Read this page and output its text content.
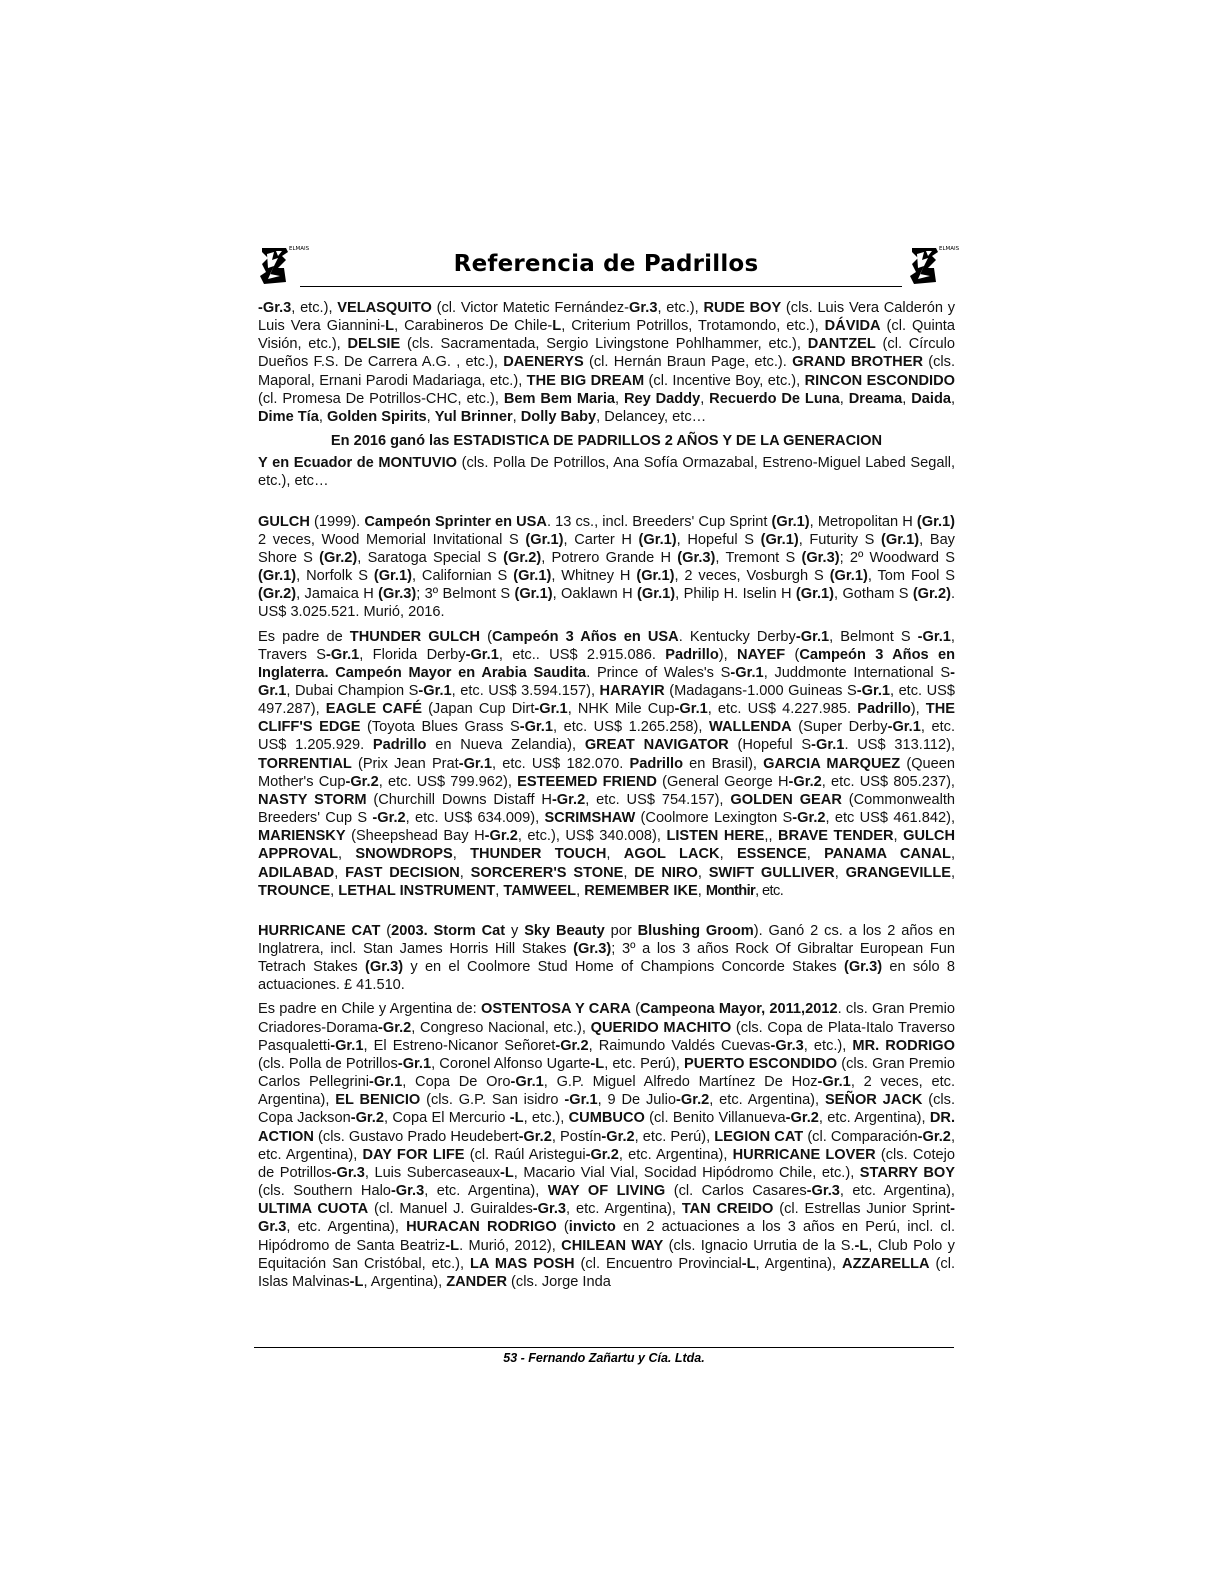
ELMAIS
Referencia de Padrillos
ELMAIS

-Gr.3, etc.), VELASQUITO (cl. Victor Matetic Fernández-Gr.3, etc.), RUDE BOY (cls. Luis Vera Calderón y Luis Vera Giannini-L, Carabineros De Chile-L, Criterium Potrillos, Trotamondo, etc.), DÁVIDA (cl. Quinta Visión, etc.), DELSIE (cls. Sacramentada, Sergio Livingstone Pohlhammer, etc.), DANTZEL (cl. Círculo Dueños F.S. De Carrera A.G. , etc.), DAENERYS (cl. Hernán Braun Page, etc.). GRAND BROTHER (cls. Maporal, Ernani Parodi Madariaga, etc.), THE BIG DREAM (cl. Incentive Boy, etc.), RINCON ESCONDIDO (cl. Promesa De Potrillos-CHC, etc.), Bem Bem Maria, Rey Daddy, Recuerdo De Luna, Dreama, Daida, Dime Tía, Golden Spirits, Yul Brinner, Dolly Baby, Delancey, etc…

En 2016 ganó las ESTADISTICA DE PADRILLOS 2 AÑOS Y DE LA GENERACION

Y en Ecuador de MONTUVIO (cls. Polla De Potrillos, Ana Sofía Ormazabal, Estreno-Miguel Labed Segall, etc.), etc…

GULCH (1999). Campeón Sprinter en USA. 13 cs., incl. Breeders' Cup Sprint (Gr.1), Metropolitan H (Gr.1) 2 veces, Wood Memorial Invitational S (Gr.1), Carter H (Gr.1), Hopeful S (Gr.1), Futurity S (Gr.1), Bay Shore S (Gr.2), Saratoga Special S (Gr.2), Potrero Grande H (Gr.3), Tremont S (Gr.3); 2º Woodward S (Gr.1), Norfolk S (Gr.1), Californian S (Gr.1), Whitney H (Gr.1), 2 veces, Vosburgh S (Gr.1), Tom Fool S (Gr.2), Jamaica H (Gr.3); 3º Belmont S (Gr.1), Oaklawn H (Gr.1), Philip H. Iselin H (Gr.1), Gotham S (Gr.2). US$ 3.025.521. Murió, 2016.

Es padre de THUNDER GULCH (Campeón 3 Años en USA. Kentucky Derby-Gr.1, Belmont S -Gr.1, Travers S-Gr.1, Florida Derby-Gr.1, etc.. US$ 2.915.086. Padrillo), NAYEF (Campeón 3 Años en Inglaterra. Campeón Mayor en Arabia Saudita. Prince of Wales's S-Gr.1, Juddmonte International S-Gr.1, Dubai Champion S-Gr.1, etc. US$ 3.594.157), HARAYIR (Madagans-1.000 Guineas S-Gr.1, etc. US$ 497.287), EAGLE CAFÉ (Japan Cup Dirt-Gr.1, NHK Mile Cup-Gr.1, etc. US$ 4.227.985. Padrillo), THE CLIFF'S EDGE (Toyota Blues Grass S-Gr.1, etc. US$ 1.265.258), WALLENDA (Super Derby-Gr.1, etc. US$ 1.205.929. Padrillo en Nueva Zelandia), GREAT NAVIGATOR (Hopeful S-Gr.1. US$ 313.112), TORRENTIAL (Prix Jean Prat-Gr.1, etc. US$ 182.070. Padrillo en Brasil), GARCIA MARQUEZ (Queen Mother's Cup-Gr.2, etc. US$ 799.962), ESTEEMED FRIEND (General George H-Gr.2, etc. US$ 805.237), NASTY STORM (Churchill Downs Distaff H-Gr.2, etc. US$ 754.157), GOLDEN GEAR (Commonwealth Breeders' Cup S -Gr.2, etc. US$ 634.009), SCRIMSHAW (Coolmore Lexington S-Gr.2, etc US$ 461.842), MARIENSKY (Sheepshead Bay H-Gr.2, etc.), US$ 340.008), LISTEN HERE,, BRAVE TENDER, GULCH APPROVAL, SNOWDROPS, THUNDER TOUCH, AGOL LACK, ESSENCE, PANAMA CANAL, ADILABAD, FAST DECISION, SORCERER'S STONE, DE NIRO, SWIFT GULLIVER, GRANGEVILLE, TROUNCE, LETHAL INSTRUMENT, TAMWEEL, REMEMBER IKE, Monthir, etc.

HURRICANE CAT (2003. Storm Cat y Sky Beauty por Blushing Groom). Ganó 2 cs. a los 2 años en Inglatrera, incl. Stan James Horris Hill Stakes (Gr.3); 3º a los 3 años Rock Of Gibraltar European Fun Tetrach Stakes (Gr.3) y en el Coolmore Stud Home of Champions Concorde Stakes (Gr.3) en sólo 8 actuaciones. £ 41.510.

Es padre en Chile y Argentina de: OSTENTOSA Y CARA (Campeona Mayor, 2011,2012. cls. Gran Premio Criadores-Dorama-Gr.2, Congreso Nacional, etc.), QUERIDO MACHITO (cls. Copa de Plata-Italo Traverso Pasqualetti-Gr.1, El Estreno-Nicanor Señoret-Gr.2, Raimundo Valdés Cuevas-Gr.3, etc.), MR. RODRIGO (cls. Polla de Potrillos-Gr.1, Coronel Alfonso Ugarte-L, etc. Perú), PUERTO ESCONDIDO (cls. Gran Premio Carlos Pellegrini-Gr.1, Copa De Oro-Gr.1, G.P. Miguel Alfredo Martínez De Hoz-Gr.1, 2 veces, etc. Argentina), EL BENICIO (cls. G.P. San isidro -Gr.1, 9 De Julio-Gr.2, etc. Argentina), SEÑOR JACK (cls. Copa Jackson-Gr.2, Copa El Mercurio -L, etc.), CUMBUCO (cl. Benito Villanueva-Gr.2, etc. Argentina), DR. ACTION (cls. Gustavo Prado Heudebert-Gr.2, Postín-Gr.2, etc. Perú), LEGION CAT (cl. Comparación-Gr.2, etc. Argentina), DAY FOR LIFE (cl. Raúl Aristegui-Gr.2, etc. Argentina), HURRICANE LOVER (cls. Cotejo de Potrillos-Gr.3, Luis Subercaseaux-L, Macario Vial Vial, Socidad Hipódromo Chile, etc.), STARRY BOY (cls. Southern Halo-Gr.3, etc. Argentina), WAY OF LIVING (cl. Carlos Casares-Gr.3, etc. Argentina), ULTIMA CUOTA (cl. Manuel J. Guiraldes-Gr.3, etc. Argentina), TAN CREIDO (cl. Estrellas Junior Sprint-Gr.3, etc. Argentina), HURACAN RODRIGO (invicto en 2 actuaciones a los 3 años en Perú, incl. cl. Hipódromo de Santa Beatriz-L. Murió, 2012), CHILEAN WAY (cls. Ignacio Urrutia de la S.-L, Club Polo y Equitación San Cristóbal, etc.), LA MAS POSH (cl. Encuentro Provincial-L, Argentina), AZZARELLA (cl. Islas Malvinas-L, Argentina), ZANDER (cls. Jorge Inda

53 - Fernando Zañartu y Cía. Ltda.
